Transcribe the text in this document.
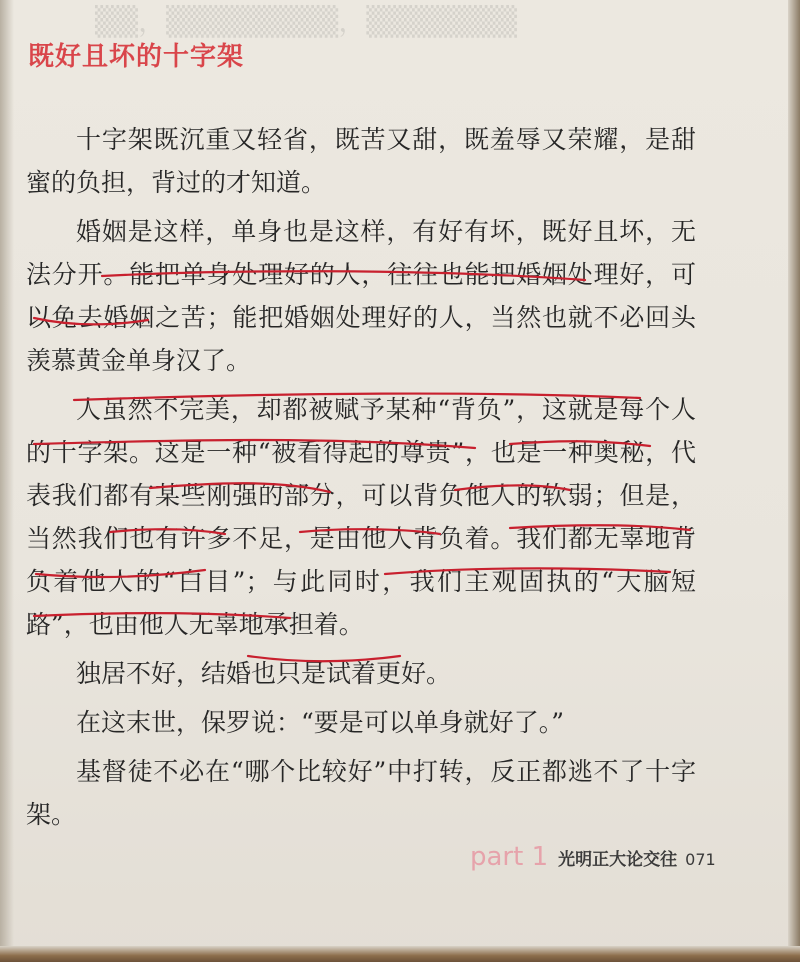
▒▒，▒▒▒▒▒▒▒▒，▒▒▒▒▒▒▒
既好且坏的十字架

十字架既沉重又轻省，既苦又甜，既羞辱又荣耀，是甜蜜的负担，背过的才知道。

婚姻是这样，单身也是这样，有好有坏，既好且坏，无法分开。能把单身处理好的人，往往也能把婚姻处理好，可以免去婚姻之苦；能把婚姻处理好的人，当然也就不必回头羡慕黄金单身汉了。

人虽然不完美，却都被赋予某种“背负”，这就是每个人的十字架。这是一种“被看得起的尊贵”，也是一种奥秘，代表我们都有某些刚强的部分，可以背负他人的软弱；但是，当然我们也有许多不足，是由他人背负着。我们都无辜地背负着他人的“白目”；与此同时，我们主观固执的“大脑短路”，也由他人无辜地承担着。

独居不好，结婚也只是试着更好。

在这末世，保罗说：“要是可以单身就好了。”

基督徒不必在“哪个比较好”中打转，反正都逃不了十字架。

part 1 光明正大论交往 071
